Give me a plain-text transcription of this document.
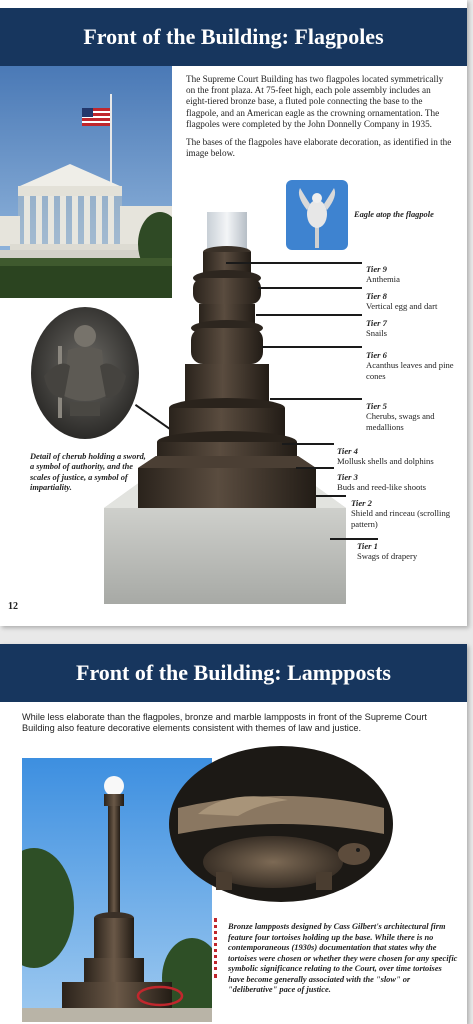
Front of the Building: Flagpoles

The Supreme Court Building has two flagpoles located symmetrically on the front plaza. At 75-feet high, each pole assembly includes an eight-tiered bronze base, a fluted pole connecting the base to the flagpole, and an American eagle as the crowning ornamentation. The flagpoles were completed by the John Donnelly Company in 1935.

The bases of the flagpoles have elaborate decoration, as identified in the image below.

Eagle atop the flagpole
Tier 9
Anthemia
Tier 8
Vertical egg and dart
Tier 7
Snails
Tier 6
Acanthus leaves and pine cones
Tier 5
Cherubs, swags and medallions
Tier 4
Mollusk shells and dolphins
Tier 3
Buds and reed-like shoots
Tier 2
Shield and rinceau (scrolling pattern)
Tier 1
Swags of drapery
Detail of cherub holding a sword, a symbol of authority, and the scales of justice, a symbol of impartiality.
12
Front of the Building: Lampposts
While less elaborate than the flagpoles, bronze and marble lampposts in front of the Supreme Court Building also feature decorative elements consistent with themes of law and justice.
Bronze lampposts designed by Cass Gilbert's architectural firm feature four tortoises holding up the base. While there is no contemporaneous (1930s) documentation that states why the tortoises were chosen or whether they were chosen for any specific symbolic significance relating to the Court, over time tortoises have become generally associated with the "slow" or "deliberative" pace of justice.
